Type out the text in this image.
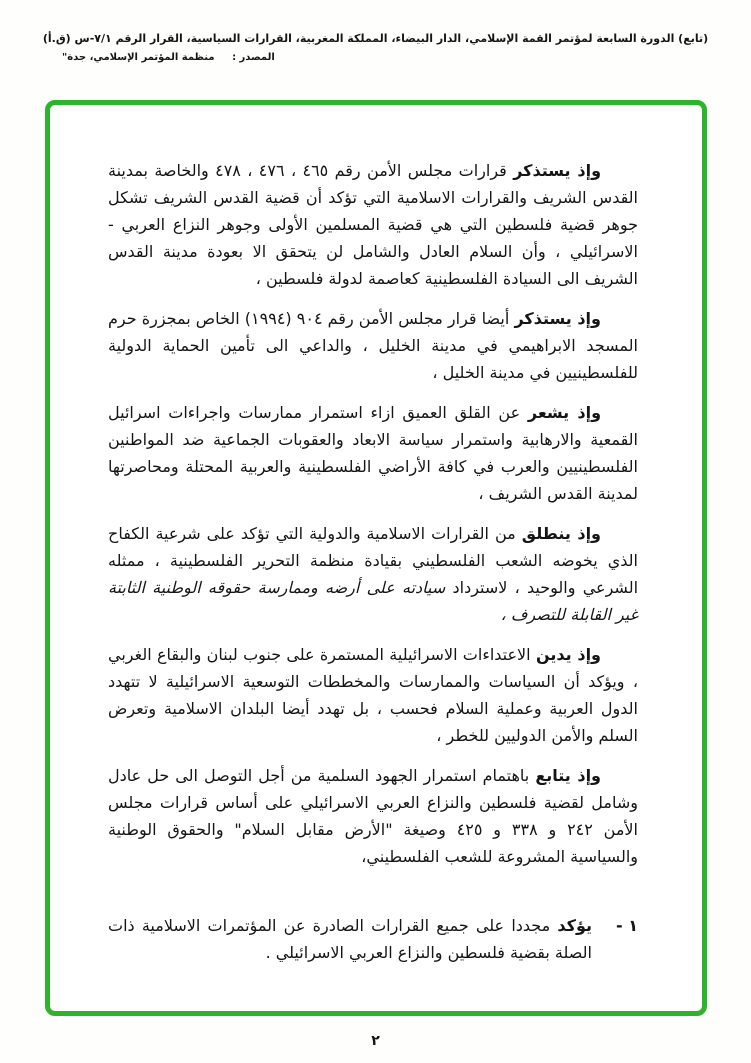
(تابع) الدورة السابعة لمؤتمر القمة الإسلامي، الدار البيضاء، المملكة المغربية، القرارات السياسية، القرار الرقم ٧/١-س (ق.أ)
المصدر : منظمة المؤتمر الإسلامي، جدة"

وإذ يستذكر قرارات مجلس الأمن رقم ٤٦٥ ، ٤٧٦ ، ٤٧٨ والخاصة بمدينة القدس الشريف والقرارات الاسلامية التي تؤكد أن قضية القدس الشريف تشكل جوهر قضية فلسطين التي هي قضية المسلمين الأولى وجوهر النزاع العربي - الاسرائيلي ، وأن السلام العادل والشامل لن يتحقق الا بعودة مدينة القدس الشريف الى السيادة الفلسطينية كعاصمة لدولة فلسطين ،

وإذ يستذكر أيضا قرار مجلس الأمن رقم ٩٠٤ (١٩٩٤) الخاص بمجزرة حرم المسجد الابراهيمي في مدينة الخليل ، والداعي الى تأمين الحماية الدولية للفلسطينيين في مدينة الخليل ،

وإذ يشعر عن القلق العميق ازاء استمرار ممارسات واجراءات اسرائيل القمعية والارهابية واستمرار سياسة الابعاد والعقوبات الجماعية ضد المواطنين الفلسطينيين والعرب في كافة الأراضي الفلسطينية والعربية المحتلة ومحاصرتها لمدينة القدس الشريف ،

وإذ ينطلق من القرارات الاسلامية والدولية التي تؤكد على شرعية الكفاح الذي يخوضه الشعب الفلسطيني بقيادة منظمة التحرير الفلسطينية ، ممثله الشرعي والوحيد ، لاسترداد سيادته على أرضه وممارسة حقوقه الوطنية الثابتة غير القابلة للتصرف ،

وإذ يدين الاعتداءات الاسرائيلية المستمرة على جنوب لبنان والبقاع الغربي ، ويؤكد أن السياسات والممارسات والمخططات التوسعية الاسرائيلية لا تتهدد الدول العربية وعملية السلام فحسب ، بل تهدد أيضا البلدان الاسلامية وتعرض السلم والأمن الدوليين للخطر ،

وإذ يتابع باهتمام استمرار الجهود السلمية من أجل التوصل الى حل عادل وشامل لقضية فلسطين والنزاع العربي الاسرائيلي على أساس قرارات مجلس الأمن ٢٤٢ و ٣٣٨ و ٤٢٥ وصيغة "الأرض مقابل السلام" والحقوق الوطنية والسياسية المشروعة للشعب الفلسطيني،

١ -
يؤكد مجددا على جميع القرارات الصادرة عن المؤتمرات الاسلامية ذات الصلة بقضية فلسطين والنزاع العربي الاسرائيلي .
٢
